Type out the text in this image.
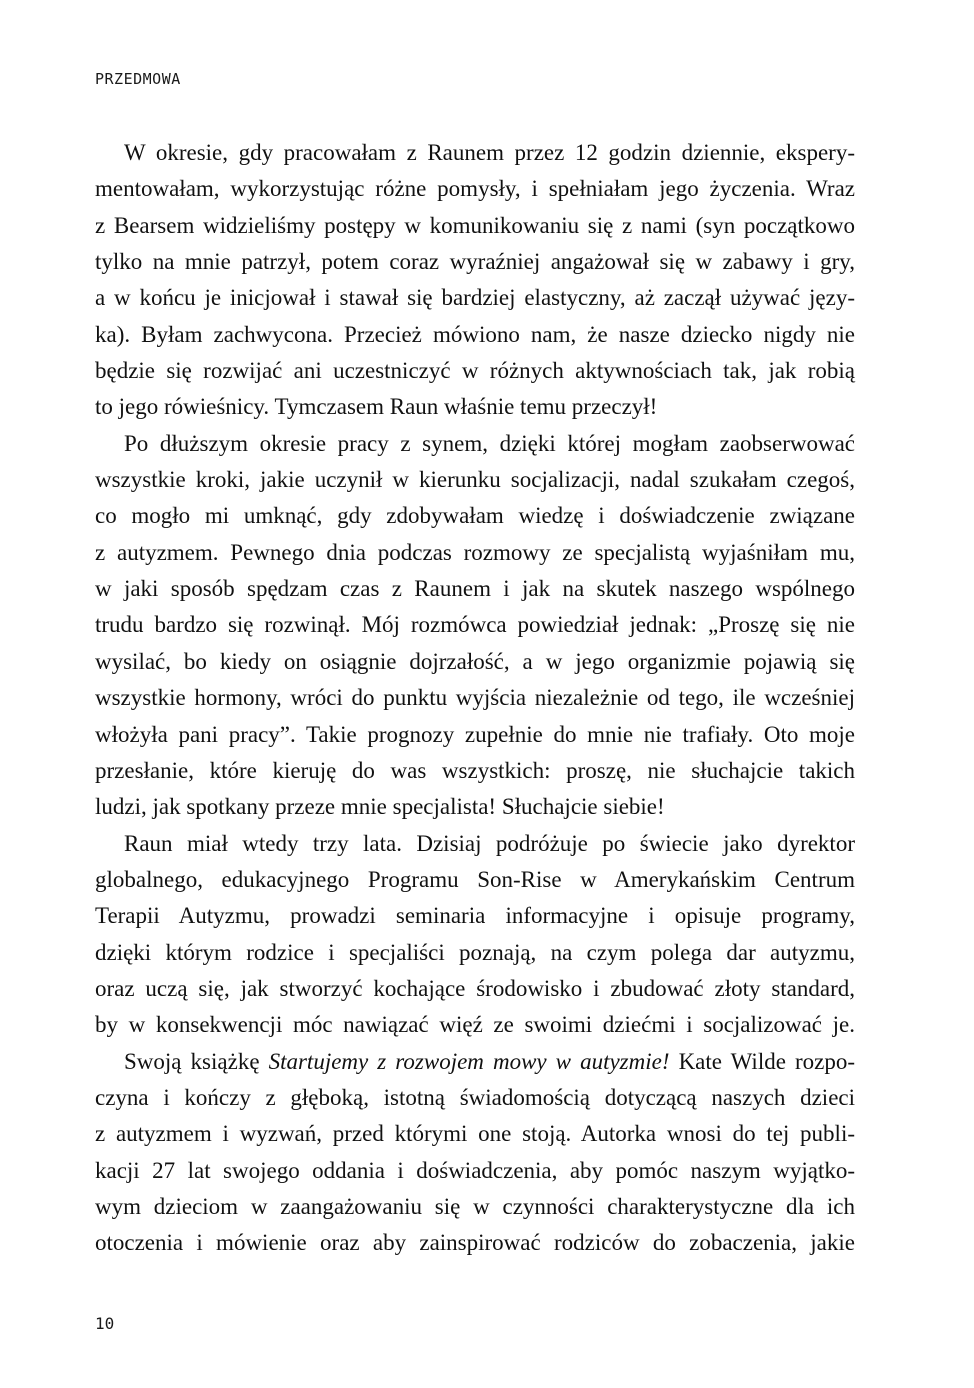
PRZEDMOWA
W okresie, gdy pracowałam z Raunem przez 12 godzin dziennie, ekspery-
mentowałam, wykorzystując różne pomysły, i spełniałam jego życzenia. Wraz
z Bearsem widzieliśmy postępy w komunikowaniu się z nami (syn początkowo
tylko na mnie patrzył, potem coraz wyraźniej angażował się w zabawy i gry,
a w końcu je inicjował i stawał się bardziej elastyczny, aż zaczął używać języ-
ka). Byłam zachwycona. Przecież mówiono nam, że nasze dziecko nigdy nie
będzie się rozwijać ani uczestniczyć w różnych aktywnościach tak, jak robią
to jego rówieśnicy. Tymczasem Raun właśnie temu przeczył!
Po dłuższym okresie pracy z synem, dzięki której mogłam zaobserwować
wszystkie kroki, jakie uczynił w kierunku socjalizacji, nadal szukałam czegoś,
co mogło mi umknąć, gdy zdobywałam wiedzę i doświadczenie związane
z autyzmem. Pewnego dnia podczas rozmowy ze specjalistą wyjaśniłam mu,
w jaki sposób spędzam czas z Raunem i jak na skutek naszego wspólnego
trudu bardzo się rozwinął. Mój rozmówca powiedział jednak: „Proszę się nie
wysilać, bo kiedy on osiągnie dojrzałość, a w jego organizmie pojawią się
wszystkie hormony, wróci do punktu wyjścia niezależnie od tego, ile wcześniej
włożyła pani pracy”. Takie prognozy zupełnie do mnie nie trafiały. Oto moje
przesłanie, które kieruję do was wszystkich: proszę, nie słuchajcie takich
ludzi, jak spotkany przeze mnie specjalista! Słuchajcie siebie!
Raun miał wtedy trzy lata. Dzisiaj podróżuje po świecie jako dyrektor
globalnego, edukacyjnego Programu Son-Rise w Amerykańskim Centrum
Terapii Autyzmu, prowadzi seminaria informacyjne i opisuje programy,
dzięki którym rodzice i specjaliści poznają, na czym polega dar autyzmu,
oraz uczą się, jak stworzyć kochające środowisko i zbudować złoty standard,
by w konsekwencji móc nawiązać więź ze swoimi dziećmi i socjalizować je.
Swoją książkę Startujemy z rozwojem mowy w autyzmie! Kate Wilde rozpo-
czyna i kończy z głęboką, istotną świadomością dotyczącą naszych dzieci
z autyzmem i wyzwań, przed którymi one stoją. Autorka wnosi do tej publi-
kacji 27 lat swojego oddania i doświadczenia, aby pomóc naszym wyjątko-
wym dzieciom w zaangażowaniu się w czynności charakterystyczne dla ich
otoczenia i mówienie oraz aby zainspirować rodziców do zobaczenia, jakie
10
